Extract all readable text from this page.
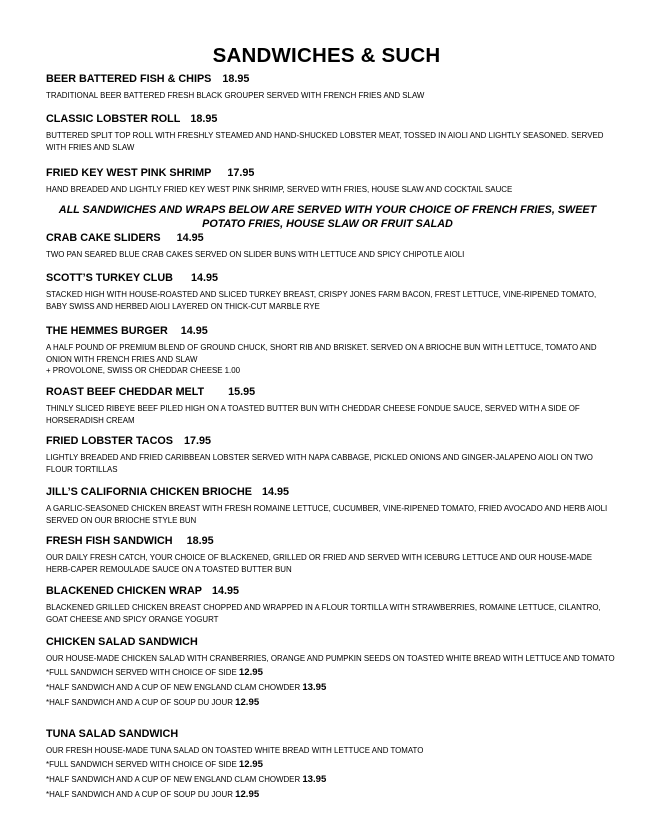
SANDWICHES & SUCH
BEER BATTERED FISH & CHIPS 18.95
TRADITIONAL BEER BATTERED FRESH BLACK GROUPER SERVED WITH FRENCH FRIES AND SLAW
CLASSIC LOBSTER ROLL 18.95
BUTTERED SPLIT TOP ROLL WITH FRESHLY STEAMED AND HAND-SHUCKED LOBSTER MEAT, TOSSED IN AIOLI AND LIGHTLY SEASONED. SERVED WITH FRIES AND SLAW
FRIED KEY WEST PINK SHRIMP 17.95
HAND BREADED AND LIGHTLY FRIED KEY WEST PINK SHRIMP, SERVED WITH FRIES, HOUSE SLAW AND COCKTAIL SAUCE
ALL SANDWICHES AND WRAPS BELOW ARE SERVED WITH YOUR CHOICE OF FRENCH FRIES, SWEET POTATO FRIES, HOUSE SLAW OR FRUIT SALAD
CRAB CAKE SLIDERS 14.95
TWO PAN SEARED BLUE CRAB CAKES SERVED ON SLIDER BUNS WITH LETTUCE AND SPICY CHIPOTLE AIOLI
SCOTT’S TURKEY CLUB 14.95
STACKED HIGH WITH HOUSE-ROASTED AND SLICED TURKEY BREAST, CRISPY JONES FARM BACON, FREST LETTUCE, VINE-RIPENED TOMATO, BABY SWISS AND HERBED AIOLI LAYERED ON THICK-CUT MARBLE RYE
THE HEMMES BURGER 14.95
A HALF POUND OF PREMIUM BLEND OF GROUND CHUCK, SHORT RIB AND BRISKET. SERVED ON A BRIOCHE BUN WITH LETTUCE, TOMATO AND ONION WITH FRENCH FRIES AND SLAW
+ PROVOLONE, SWISS OR CHEDDAR CHEESE 1.00
ROAST BEEF CHEDDAR MELT 15.95
THINLY SLICED RIBEYE BEEF PILED HIGH ON A TOASTED BUTTER BUN WITH CHEDDAR CHEESE FONDUE SAUCE, SERVED WITH A SIDE OF HORSERADISH CREAM
FRIED LOBSTER TACOS 17.95
LIGHTLY BREADED AND FRIED CARIBBEAN LOBSTER SERVED WITH NAPA CABBAGE, PICKLED ONIONS AND GINGER-JALAPENO AIOLI ON TWO FLOUR TORTILLAS
JILL’S CALIFORNIA CHICKEN BRIOCHE 14.95
A GARLIC-SEASONED CHICKEN BREAST WITH FRESH ROMAINE LETTUCE, CUCUMBER, VINE-RIPENED TOMATO, FRIED AVOCADO AND HERB AIOLI SERVED ON OUR BRIOCHE STYLE BUN
FRESH FISH SANDWICH 18.95
OUR DAILY FRESH CATCH, YOUR CHOICE OF BLACKENED, GRILLED OR FRIED AND SERVED WITH ICEBURG LETTUCE AND OUR HOUSE-MADE HERB-CAPER REMOULADE SAUCE ON A TOASTED BUTTER BUN
BLACKENED CHICKEN WRAP 14.95
BLACKENED GRILLED CHICKEN BREAST CHOPPED AND WRAPPED IN A FLOUR TORTILLA WITH STRAWBERRIES, ROMAINE LETTUCE, CILANTRO, GOAT CHEESE AND SPICY ORANGE YOGURT
CHICKEN SALAD SANDWICH
OUR HOUSE-MADE CHICKEN SALAD WITH CRANBERRIES, ORANGE AND PUMPKIN SEEDS ON TOASTED WHITE BREAD WITH LETTUCE AND TOMATO
*FULL SANDWICH SERVED WITH CHOICE OF SIDE 12.95
*HALF SANDWICH AND A CUP OF NEW ENGLAND CLAM CHOWDER 13.95
*HALF SANDWICH AND A CUP OF SOUP DU JOUR 12.95
TUNA SALAD SANDWICH
OUR FRESH HOUSE-MADE TUNA SALAD ON TOASTED WHITE BREAD WITH LETTUCE AND TOMATO
*FULL SANDWICH SERVED WITH CHOICE OF SIDE 12.95
*HALF SANDWICH AND A CUP OF NEW ENGLAND CLAM CHOWDER 13.95
*HALF SANDWICH AND A CUP OF SOUP DU JOUR 12.95
